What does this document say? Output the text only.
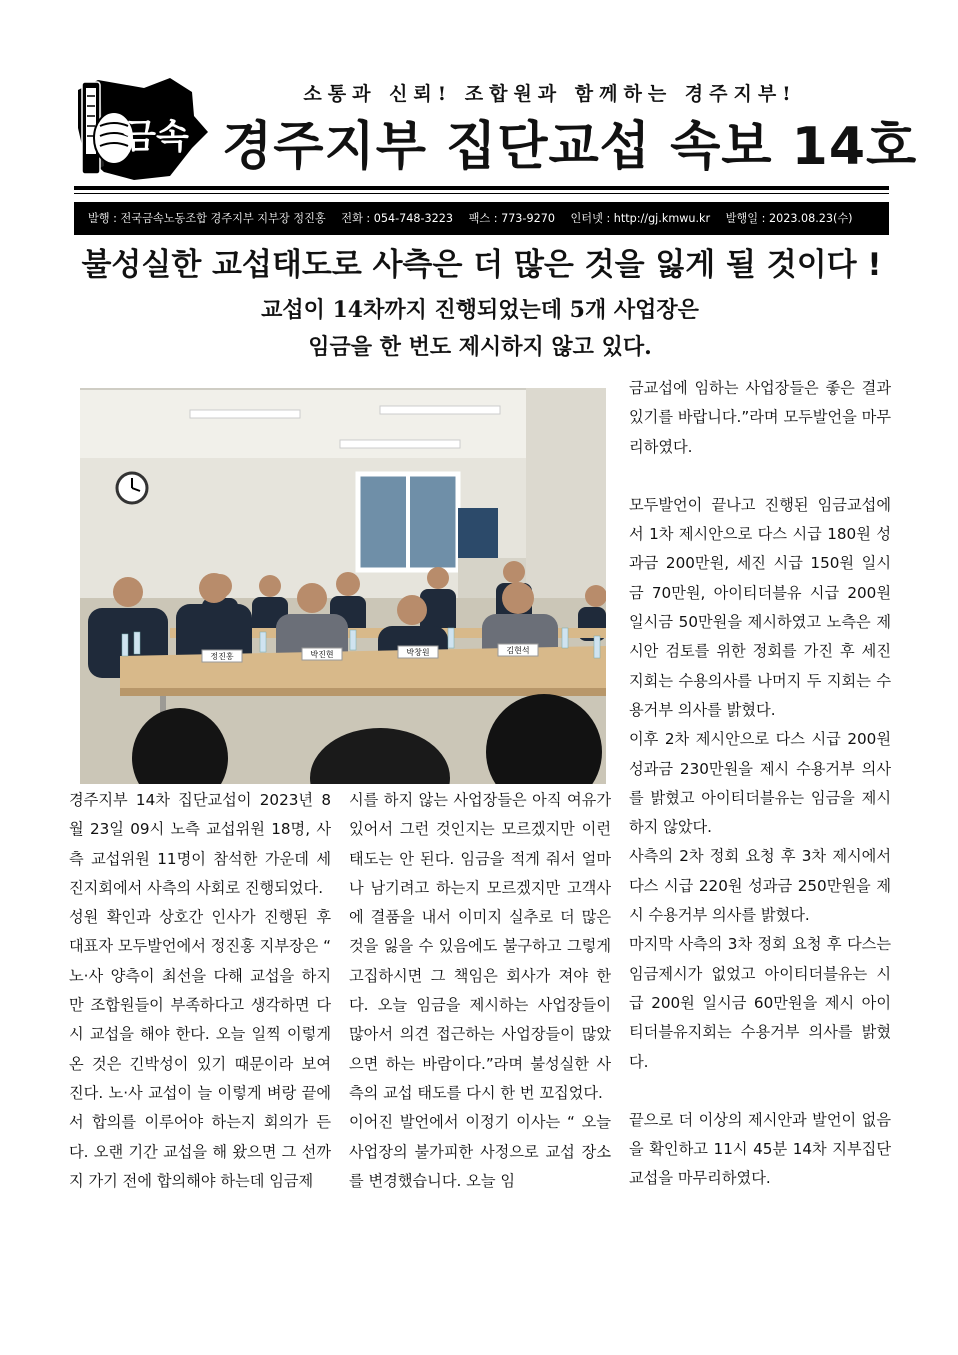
금속
소통과 신뢰! 조합원과 함께하는 경주지부!
경주지부 집단교섭 속보 14호
발행 : 전국금속노동조합 경주지부 지부장 정진홍 전화 : 054-748-3223 팩스 : 773-9270 인터넷 : http://gj.kmwu.kr 발행일 : 2023.08.23(수)
불성실한 교섭태도로 사측은 더 많은 것을 잃게 될 것이다 !
교섭이 14차까지 진행되었는데 5개 사업장은
임금을 한 번도 제시하지 않고 있다.
정진홍	박진현	박창원	김현석

경주지부 14차 집단교섭이 2023년 8월 23일 09시 노측 교섭위원 18명, 사측 교섭위원 11명이 참석한 가운데 세진지회에서 사측의 사회로 진행되었다.

성원 확인과 상호간 인사가 진행된 후 대표자 모두발언에서 정진홍 지부장은 “ 노·사 양측이 최선을 다해 교섭을 하지만 조합원들이 부족하다고 생각하면 다시 교섭을 해야 한다. 오늘 일찍 이렇게 온 것은 긴박성이 있기 때문이라 보여 진다. 노·사 교섭이 늘 이렇게 벼랑 끝에서 합의를 이루어야 하는지 회의가 든다. 오랜 기간 교섭을 해 왔으면 그 선까지 가기 전에 합의해야 하는데 임금제

시를 하지 않는 사업장들은 아직 여유가 있어서 그런 것인지는 모르겠지만 이런 태도는 안 된다. 임금을 적게 줘서 얼마나 남기려고 하는지 모르겠지만 고객사에 결품을 내서 이미지 실추로 더 많은 것을 잃을 수 있음에도 불구하고 그렇게 고집하시면 그 책임은 회사가 져야 한다. 오늘 임금을 제시하는 사업장들이 많아서 의견 접근하는 사업장들이 많았으면 하는 바람이다.”라며 불성실한 사측의 교섭 태도를 다시 한 번 꼬집었다.

이어진 발언에서 이정기 이사는 “ 오늘 사업장의 불가피한 사정으로 교섭 장소를 변경했습니다. 오늘 임

금교섭에 임하는 사업장들은 좋은 결과 있기를 바랍니다.”라며 모두발언을 마무리하였다.

모두발언이 끝나고 진행된 임금교섭에서 1차 제시안으로 다스 시급 180원 성과금 200만원, 세진 시급 150원 일시금 70만원, 아이티더블유 시급 200원 일시금 50만원을 제시하였고 노측은 제시안 검토를 위한 정회를 가진 후 세진지회는 수용의사를 나머지 두 지회는 수용거부 의사를 밝혔다.

이후 2차 제시안으로 다스 시급 200원 성과금 230만원을 제시 수용거부 의사를 밝혔고 아이티더블유는 임금을 제시하지 않았다.

사측의 2차 정회 요청 후 3차 제시에서 다스 시급 220원 성과금 250만원을 제시 수용거부 의사를 밝혔다.

마지막 사측의 3차 정회 요청 후 다스는 임금제시가 없었고 아이티더블유는 시급 200원 일시금 60만원을 제시 아이티더블유지회는 수용거부 의사를 밝혔다.

끝으로 더 이상의 제시안과 발언이 없음을 확인하고 11시 45분 14차 지부집단교섭을 마무리하였다.
